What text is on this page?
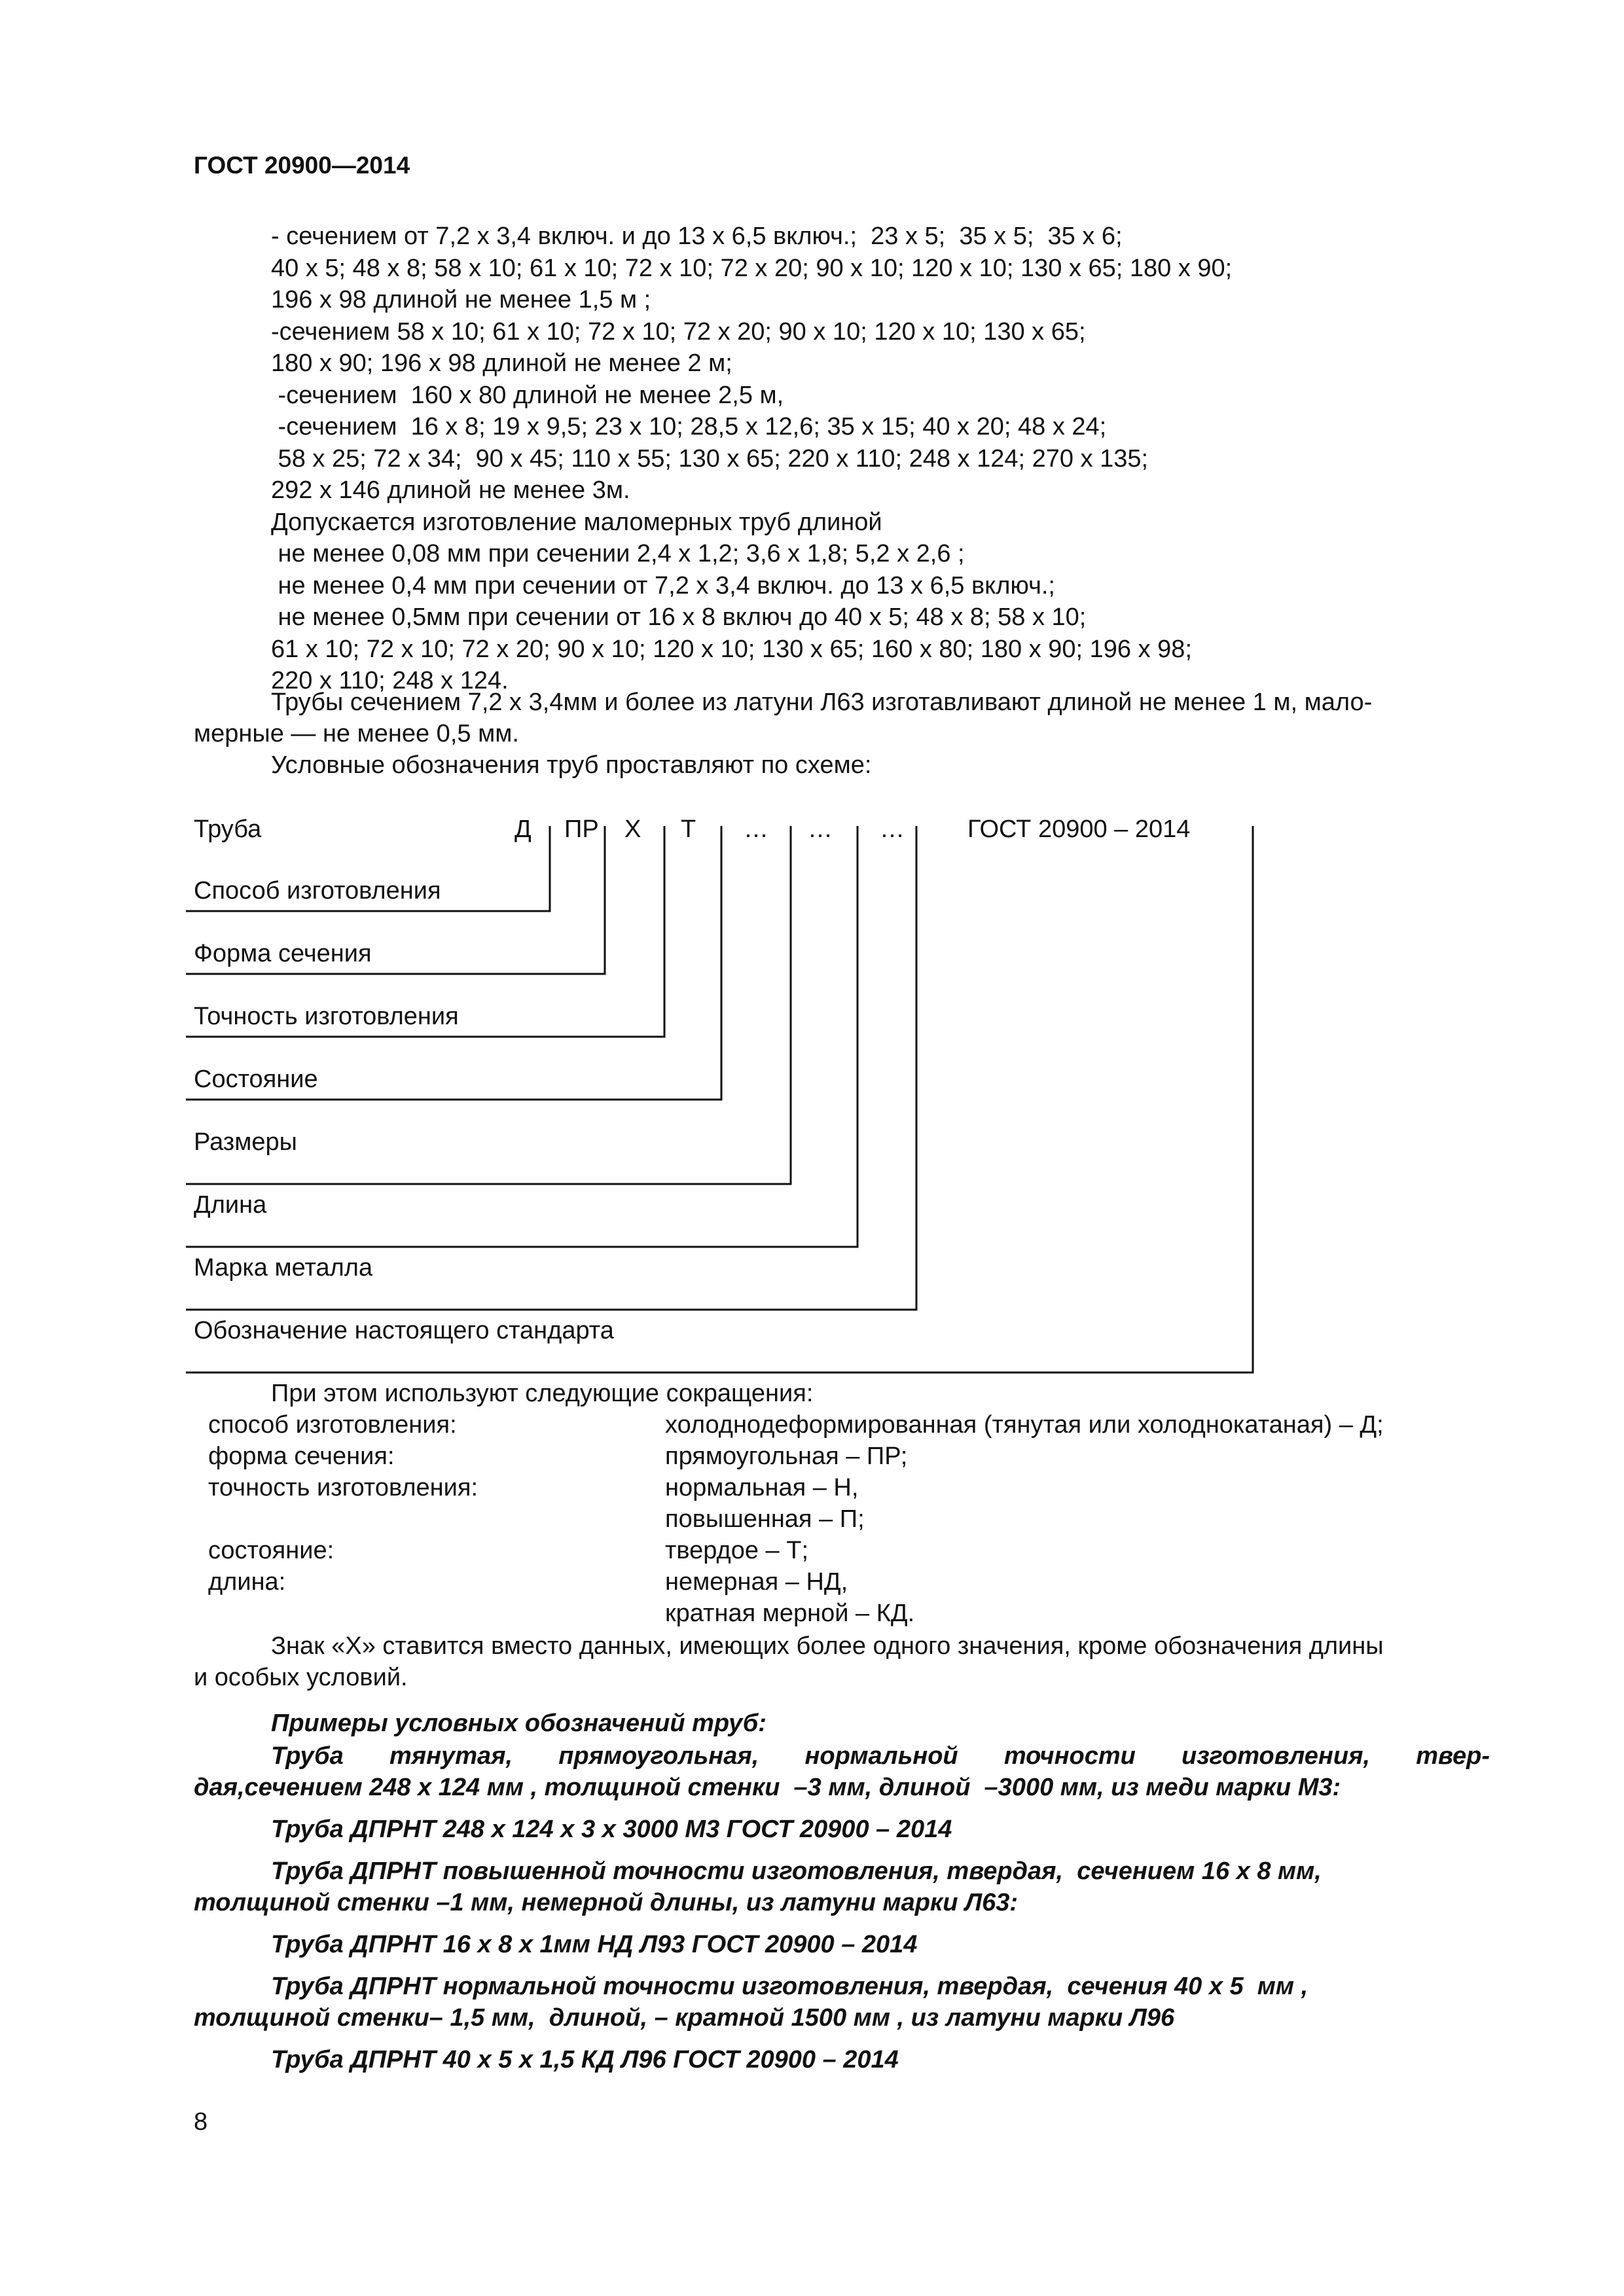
ГОСТ 20900—2014
- сечением от 7,2 х 3,4 включ. и до 13 х 6,5 включ.;  23 х 5;  35 х 5;  35 х 6;
40 х 5; 48 х 8; 58 х 10; 61 х 10; 72 х 10; 72 х 20; 90 х 10; 120 х 10; 130 х 65; 180 х 90;
196 х 98 длиной не менее 1,5 м ;
-сечением 58 х 10; 61 х 10; 72 х 10; 72 х 20; 90 х 10; 120 х 10; 130 х 65;
180 х 90; 196 х 98 длиной не менее 2 м;
-сечением  160 х 80 длиной не менее 2,5 м,
-сечением  16 х 8; 19 х 9,5; 23 х 10; 28,5 х 12,6; 35 х 15; 40 х 20; 48 х 24;
58 х 25; 72 х 34;  90 х 45; 110 х 55; 130 х 65; 220 х 110; 248 х 124; 270 х 135;
292 х 146 длиной не менее 3м.
Допускается изготовление маломерных труб длиной
не менее 0,08 мм при сечении 2,4 х 1,2; 3,6 х 1,8; 5,2 х 2,6 ;
не менее 0,4 мм при сечении от 7,2 х 3,4 включ. до 13 х 6,5 включ.;
не менее 0,5мм при сечении от 16 х 8 включ до 40 х 5; 48 х 8; 58 х 10;
61 х 10; 72 х 10; 72 х 20; 90 х 10; 120 х 10; 130 х 65; 160 х 80; 180 х 90; 196 х 98;
220 х 110; 248 х 124.
Трубы сечением 7,2 х 3,4мм и более из латуни Л63 изготавливают длиной не менее 1 м, мало-
мерные — не менее 0,5 мм.
Условные обозначения труб проставляют по схеме:
Труба	Д ПР Х Т … … …	ГОСТ 20900 – 2014
Способ изготовления
Форма сечения
Точность изготовления
Состояние
Размеры
Длина
Марка металла
Обозначение настоящего стандарта
При этом используют следующие сокращения:
способ изготовления:	холоднодеформированная (тянутая или холоднокатаная) – Д;
форма сечения:	прямоугольная – ПР;
точность изготовления:	нормальная – Н,
повышенная – П;
состояние:	твердое – Т;
длина:	немерная – НД,
кратная мерной – КД.
Знак «Х» ставится вместо данных, имеющих более одного значения, кроме обозначения длины
и особых условий.
Примеры условных обозначений труб:
Труба тянутая, прямоугольная, нормальной точности изготовления, твер-
дая,сечением 248 х 124 мм , толщиной стенки  –3 мм, длиной  –3000 мм, из меди марки М3:
Труба ДПРНТ 248 х 124 х 3 х 3000 М3 ГОСТ 20900 – 2014
Труба ДПРНТ повышенной точности изготовления, твердая,  сечением 16 х 8 мм,
толщиной стенки –1 мм, немерной длины, из латуни марки Л63:
Труба ДПРНТ 16 х 8 х 1мм НД Л93 ГОСТ 20900 – 2014
Труба ДПРНТ нормальной точности изготовления, твердая,  сечения 40 х 5  мм ,
толщиной стенки– 1,5 мм,  длиной, – кратной 1500 мм , из латуни марки Л96
Труба ДПРНТ 40 х 5 х 1,5 КД Л96 ГОСТ 20900 – 2014
8
